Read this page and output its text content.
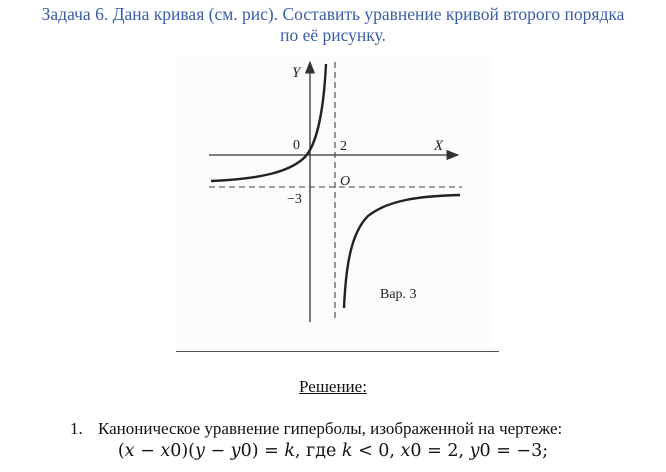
Задача 6. Дана кривая (см. рис). Составить уравнение кривой второго порядка
по её рисунку.
Y
X
0	2
−3
O
Вар. 3
Решение:
1. Каноническое уравнение гиперболы, изображенной на чертеже:
(𝑥 − 𝑥0)(𝑦 − 𝑦0) = 𝑘, где 𝑘 < 0, 𝑥0 = 2, 𝑦0 = −3;
